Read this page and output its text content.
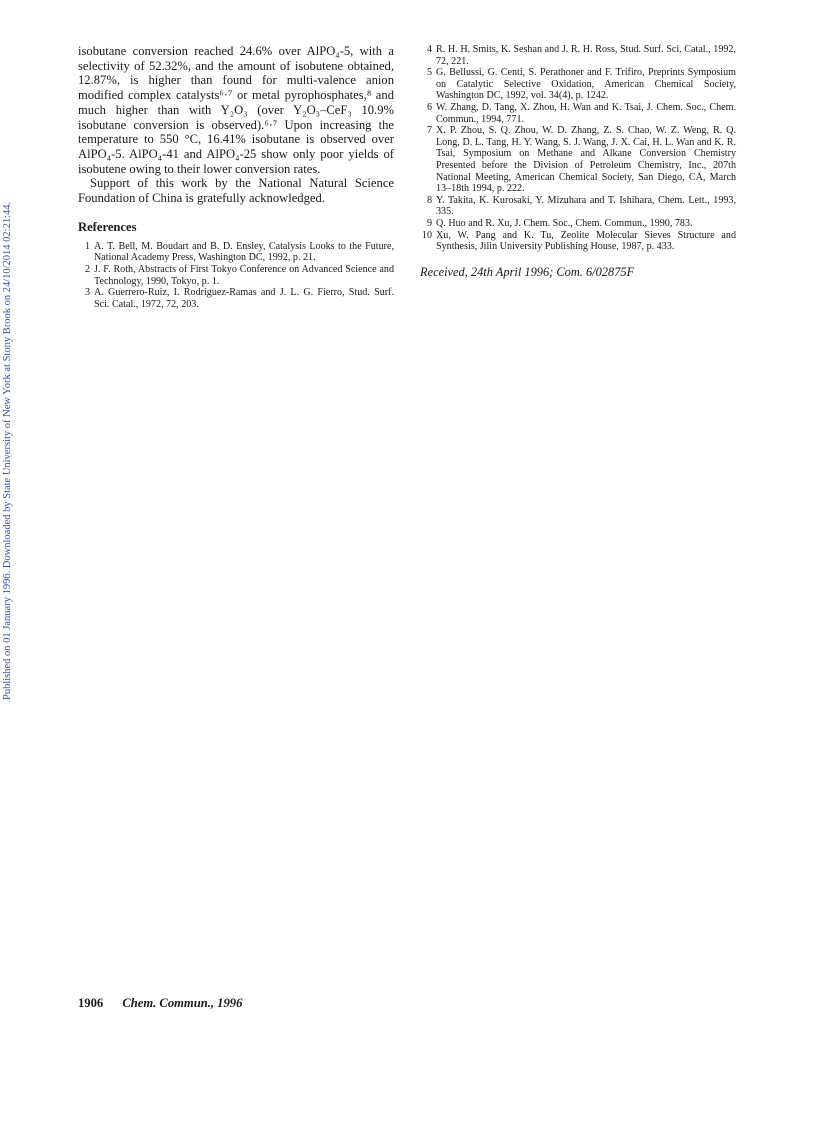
Published on 01 January 1996. Downloaded by State University of New York at Stony Brook on 24/10/2014 02:21:44.

isobutane conversion reached 24.6% over AlPO₄-5, with a selectivity of 52.32%, and the amount of isobutene obtained, 12.87%, is higher than found for multi-valence anion modified complex catalysts⁶·⁷ or metal pyrophosphates,⁸ and much higher than with Y₂O₃ (over Y₂O₃–CeF₃ 10.9% isobutane conversion is observed).⁶·⁷ Upon increasing the temperature to 550 °C, 16.41% isobutane is observed over AlPO₄-5. AlPO₄-41 and AlPO₄-25 show only poor yields of isobutene owing to their lower conversion rates.

Support of this work by the National Natural Science Foundation of China is gratefully acknowledged.

References
1 A. T. Bell, M. Boudart and B. D. Ensley, Catalysis Looks to the Future, National Academy Press, Washington DC, 1992, p. 21.
2 J. F. Roth, Abstracts of First Tokyo Conference on Advanced Science and Technology, 1990, Tokyo, p. 1.
3 A. Guerrero-Ruiz, I. Rodriguez-Ramas and J. L. G. Fierro, Stud. Surf. Sci. Catal., 1972, 72, 203.
4 R. H. H. Smits, K. Seshan and J. R. H. Ross, Stud. Surf. Sci. Catal., 1992, 72, 221.
5 G. Bellussi, G. Centi, S. Perathoner and F. Trifiro, Preprints Symposium on Catalytic Selective Oxidation, American Chemical Society, Washington DC, 1992, vol. 34(4), p. 1242.
6 W. Zhang, D. Tang, X. Zhou, H. Wan and K. Tsai, J. Chem. Soc., Chem. Commun., 1994, 771.
7 X. P. Zhou, S. Q. Zhou, W. D. Zhang, Z. S. Chao, W. Z. Weng, R. Q. Long, D. L. Tang, H. Y. Wang, S. J. Wang, J. X. Cai, H. L. Wan and K. R. Tsai, Symposium on Methane and Alkane Conversion Chemistry Presented before the Division of Petroleum Chemistry, Inc., 207th National Meeting, American Chemical Society, San Diego, CA, March 13–18th 1994, p. 222.
8 Y. Takita, K. Kurosaki, Y. Mizuhara and T. Ishihara, Chem. Lett., 1993, 335.
9 Q. Huo and R. Xu, J. Chem. Soc., Chem. Commun., 1990, 783.
10 Xu, W. Pang and K. Tu, Zeolite Molecular Sieves Structure and Synthesis, Jilin University Publishing House, 1987, p. 433.
Received, 24th April 1996; Com. 6/02875F
1906 Chem. Commun., 1996
